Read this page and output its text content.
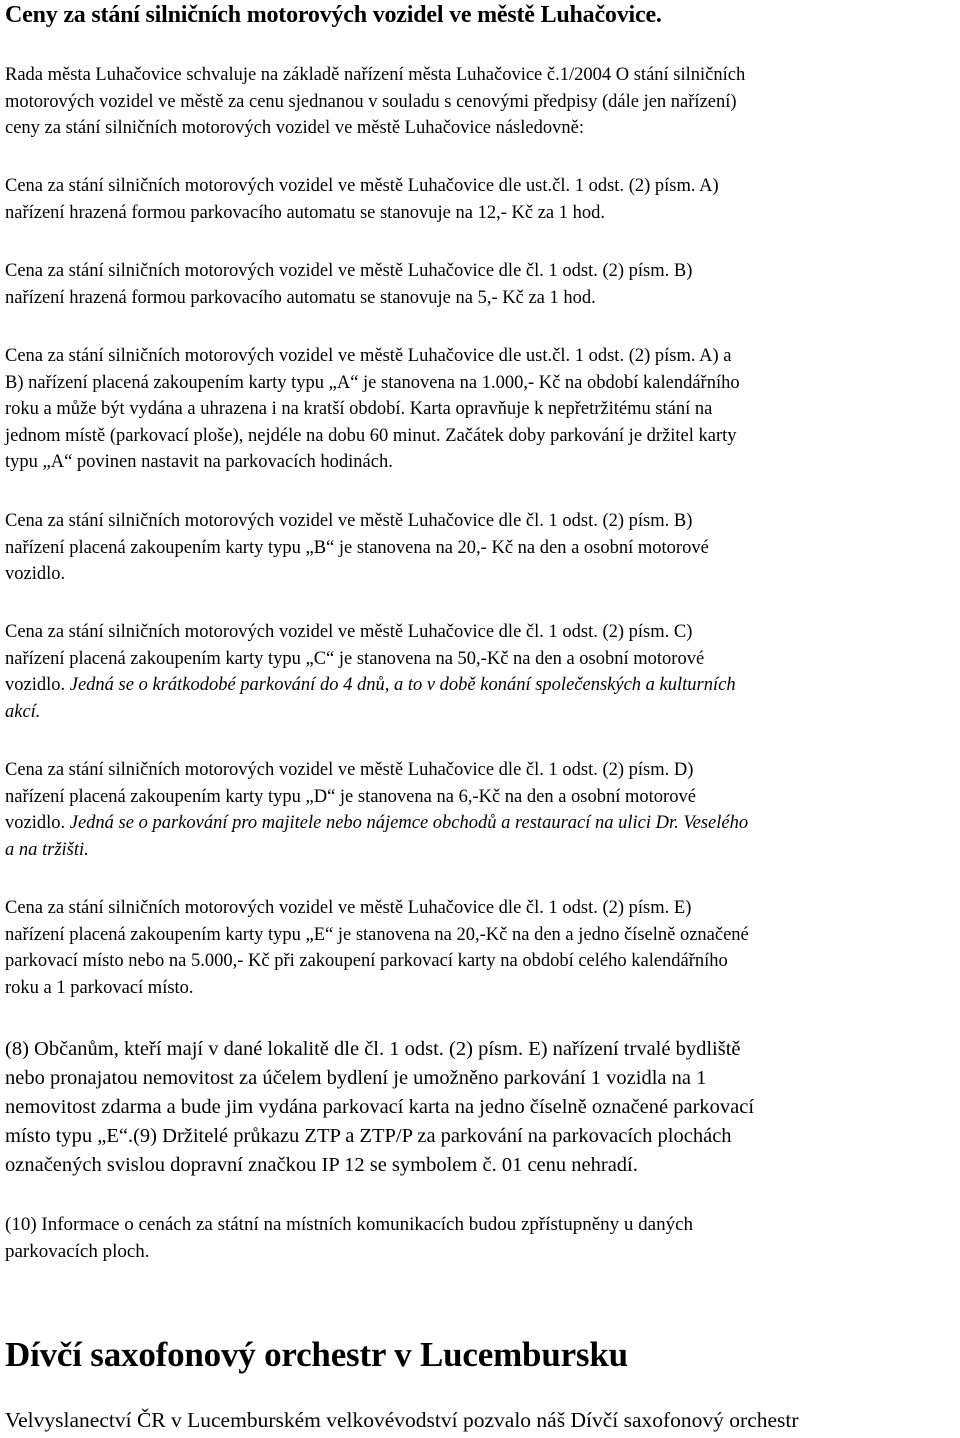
Ceny za stání silničních motorových vozidel ve městě Luhačovice.
Rada města Luhačovice schvaluje na základě nařízení města Luhačovice č.1/2004 O stání silničních
motorových vozidel ve městě za cenu sjednanou v souladu s cenovými předpisy (dále jen nařízení)
ceny za stání silničních motorových vozidel ve městě Luhačovice následovně:
Cena za stání silničních motorových vozidel ve městě Luhačovice dle ust.čl. 1 odst. (2) písm. A)
nařízení hrazená formou parkovacího automatu se stanovuje na 12,- Kč za 1 hod.
Cena za stání silničních motorových vozidel ve městě Luhačovice dle čl. 1 odst. (2) písm. B)
nařízení hrazená formou parkovacího automatu se stanovuje na 5,- Kč za 1 hod.
Cena za stání silničních motorových vozidel ve městě Luhačovice dle ust.čl. 1 odst. (2) písm. A) a
B) nařízení placená zakoupením karty typu „A“ je stanovena na 1.000,- Kč na období kalendářního
roku a může být vydána a uhrazena i na kratší období. Karta opravňuje k nepřetržitému stání na
jednom místě (parkovací ploše), nejdéle na dobu 60 minut. Začátek doby parkování je držitel karty
typu „A“ povinen nastavit na parkovacích hodinách.
Cena za stání silničních motorových vozidel ve městě Luhačovice dle čl. 1 odst. (2) písm. B)
nařízení placená zakoupením karty typu „B“ je stanovena na 20,- Kč na den a osobní motorové
vozidlo.
Cena za stání silničních motorových vozidel ve městě Luhačovice dle čl. 1 odst. (2) písm. C)
nařízení placená zakoupením karty typu „C“ je stanovena na 50,-Kč na den a osobní motorové
vozidlo. Jedná se o krátkodobé parkování do 4 dnů, a to v době konání společenských a kulturních
akcí.
Cena za stání silničních motorových vozidel ve městě Luhačovice dle čl. 1 odst. (2) písm. D)
nařízení placená zakoupením karty typu „D“ je stanovena na 6,-Kč na den a osobní motorové
vozidlo. Jedná se o parkování pro majitele nebo nájemce obchodů a restaurací na ulici Dr. Veselého
a na tržišti.
Cena za stání silničních motorových vozidel ve městě Luhačovice dle čl. 1 odst. (2) písm. E)
nařízení placená zakoupením karty typu „E“ je stanovena na 20,-Kč na den a jedno číselně označené
parkovací místo nebo na 5.000,- Kč při zakoupení parkovací karty na období celého kalendářního
roku a 1 parkovací místo.
(8) Občanům, kteří mají v dané lokalitě dle čl. 1 odst. (2) písm. E) nařízení trvalé bydliště
nebo pronajatou nemovitost za účelem bydlení je umožněno parkování 1 vozidla na 1
nemovitost zdarma a bude jim vydána parkovací karta na jedno číselně označené parkovací
místo typu „E“.(9) Držitelé průkazu ZTP a ZTP/P za parkování na parkovacích plochách
označených svislou dopravní značkou IP 12 se symbolem č. 01 cenu nehradí.
(10) Informace o cenách za státní na místních komunikacích budou zpřístupněny u daných
parkovacích ploch.
Dívčí saxofonový orchestr v Lucembursku
Velvyslanectví ČR v Lucemburském velkovévodství pozvalo náš Dívčí saxofonový orchestr
